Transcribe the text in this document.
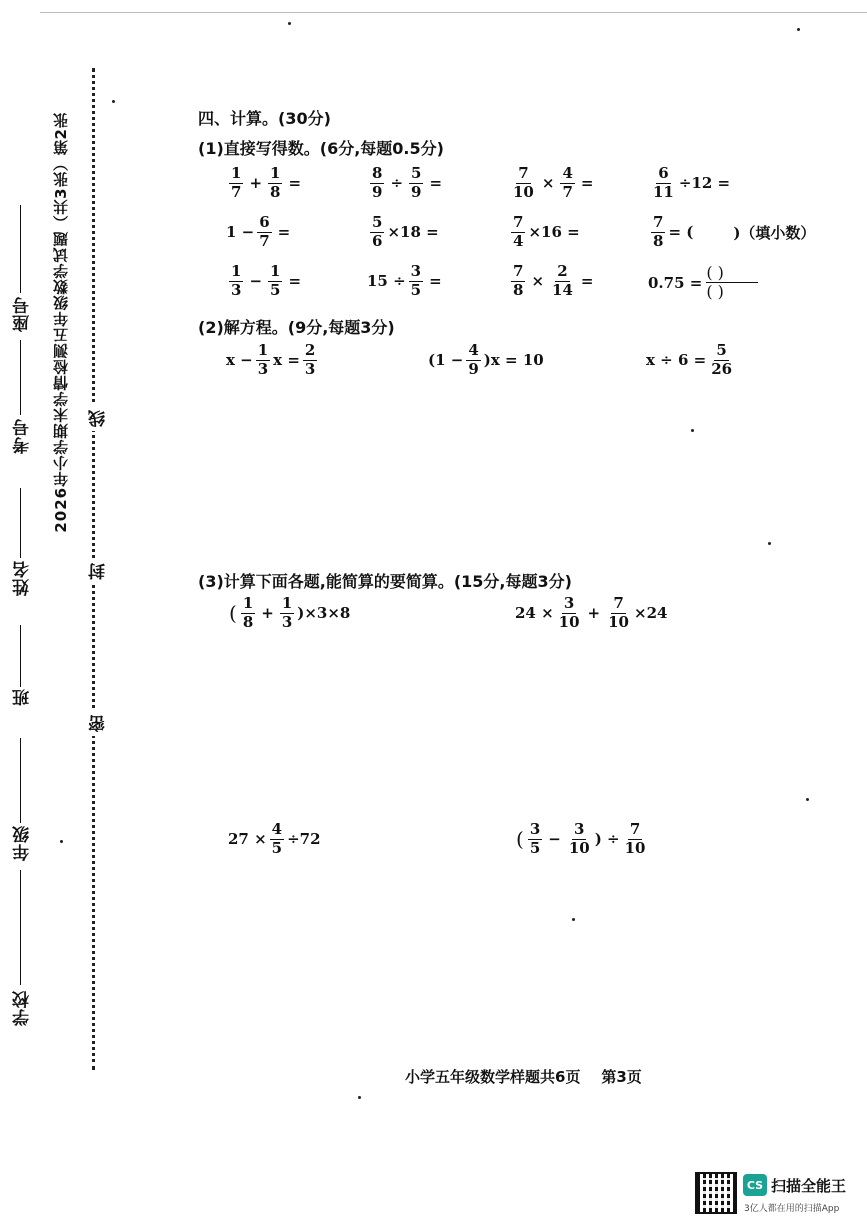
座号
考号
姓名
班
年级
学校
2026年小学期末学情检测五年级数学试题（共3张）第2张 线
封
密
四、计算。(30分)
(1)直接写得数。(6分,每题0.5分)
$\frac{1}{7} + \frac{1}{8}$ =	$\frac{8}{9} \div \frac{5}{9}$ =	$\frac{7}{10} \times \frac{4}{7}$ =	$\frac{6}{11} \div 12$ =
$1 - \frac{6}{7}$ =	$\frac{5}{6} \times 18$ =	$\frac{7}{4} \times 16$ =	$\frac{7}{8}$ = (	)（填小数）
$\frac{1}{3} - \frac{1}{5}$ =	$15 \div \frac{3}{5}$ =	$\frac{7}{8} \times \frac{2}{14}$ =	0.75 =
( )
( )
(2)解方程。(9分,每题3分)
$x - \frac{1}{3}$ $x = \frac{2}{3}$	$(1 - \frac{4}{9} )x = 10$	$x \div 6 = \frac{5}{26}$
(3)计算下面各题,能简算的要简算。(15分,每题3分)
( $\frac{1}{8} + \frac{1}{3} )\times 3\times 8$	$24 \times \frac{3}{10} + \frac{7}{10} \times 24$
$27 \times \frac{4}{5} \div 72$	( $\frac{3}{5} - \frac{3}{10}$ ) ÷ $\frac{7}{10}$
小学五年级数学样题共6页    第3页
CS 扫描全能王
3亿人都在用的扫描App
